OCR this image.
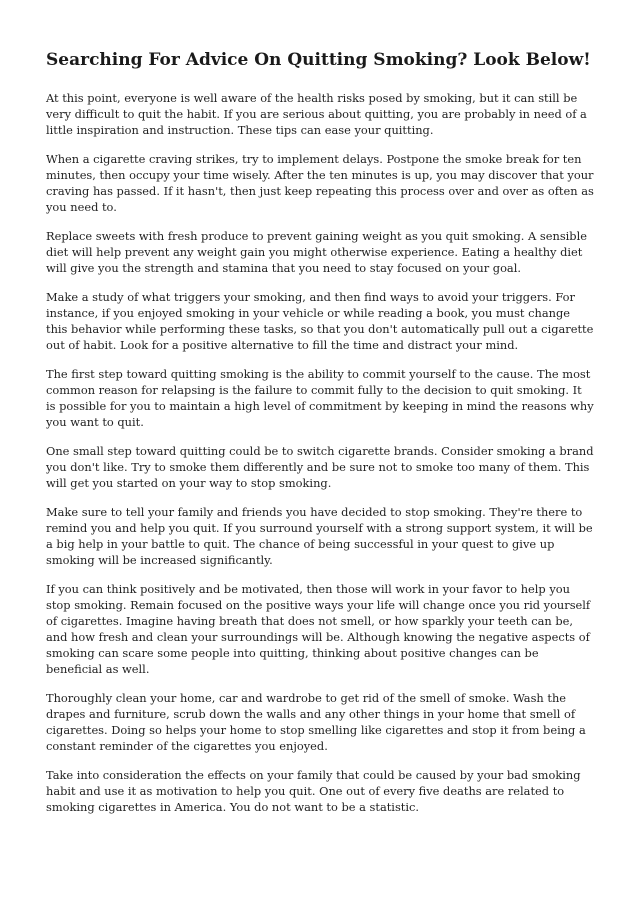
Searching For Advice On Quitting Smoking? Look Below!

At this point, everyone is well aware of the health risks posed by smoking, but it can still be very difficult to quit the habit. If you are serious about quitting, you are probably in need of a little inspiration and instruction. These tips can ease your quitting.

When a cigarette craving strikes, try to implement delays. Postpone the smoke break for ten minutes, then occupy your time wisely. After the ten minutes is up, you may discover that your craving has passed. If it hasn't, then just keep repeating this process over and over as often as you need to.

Replace sweets with fresh produce to prevent gaining weight as you quit smoking. A sensible diet will help prevent any weight gain you might otherwise experience. Eating a healthy diet will give you the strength and stamina that you need to stay focused on your goal.

Make a study of what triggers your smoking, and then find ways to avoid your triggers. For instance, if you enjoyed smoking in your vehicle or while reading a book, you must change this behavior while performing these tasks, so that you don't automatically pull out a cigarette out of habit. Look for a positive alternative to fill the time and distract your mind.

The first step toward quitting smoking is the ability to commit yourself to the cause. The most common reason for relapsing is the failure to commit fully to the decision to quit smoking. It is possible for you to maintain a high level of commitment by keeping in mind the reasons why you want to quit.

One small step toward quitting could be to switch cigarette brands. Consider smoking a brand you don't like. Try to smoke them differently and be sure not to smoke too many of them. This will get you started on your way to stop smoking.

Make sure to tell your family and friends you have decided to stop smoking. They're there to remind you and help you quit. If you surround yourself with a strong support system, it will be a big help in your battle to quit. The chance of being successful in your quest to give up smoking will be increased significantly.

If you can think positively and be motivated, then those will work in your favor to help you stop smoking. Remain focused on the positive ways your life will change once you rid yourself of cigarettes. Imagine having breath that does not smell, or how sparkly your teeth can be, and how fresh and clean your surroundings will be. Although knowing the negative aspects of smoking can scare some people into quitting, thinking about positive changes can be beneficial as well.

Thoroughly clean your home, car and wardrobe to get rid of the smell of smoke. Wash the drapes and furniture, scrub down the walls and any other things in your home that smell of cigarettes. Doing so helps your home to stop smelling like cigarettes and stop it from being a constant reminder of the cigarettes you enjoyed.

Take into consideration the effects on your family that could be caused by your bad smoking habit and use it as motivation to help you quit. One out of every five deaths are related to smoking cigarettes in America. You do not want to be a statistic.
